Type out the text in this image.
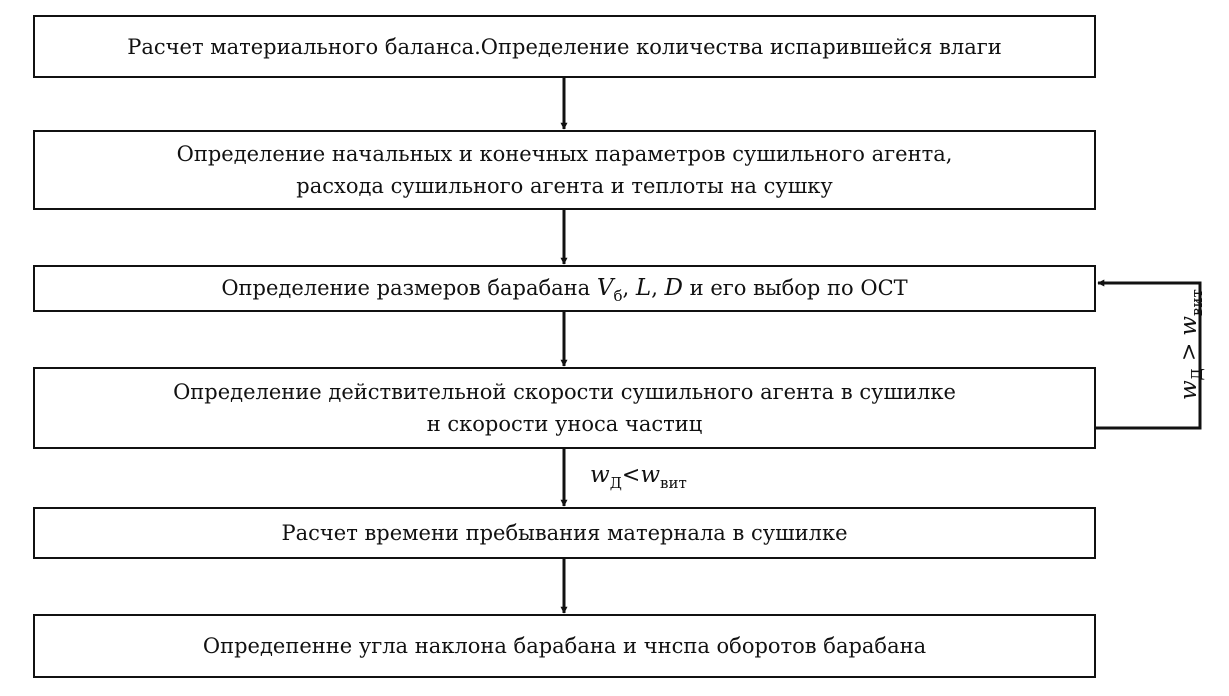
Расчет материального баланса.Определение количества испарившейся влаги
Определение начальных и конечных параметров сушильного агента,
расхода сушильного агента и теплоты на сушку
Определение размеров барабана $V_б$, L, D и его выбор по ОСТ
Определение действительной скорости сушильного агента в сушилке
н скорости уноса частиц
Расчет времени пребывания матернала в сушилке
Опредепенне угла наклона барабана и чнспа оборотов барабана
$w_Д<w_{вит}$
$w_Д > w_{вит}$
